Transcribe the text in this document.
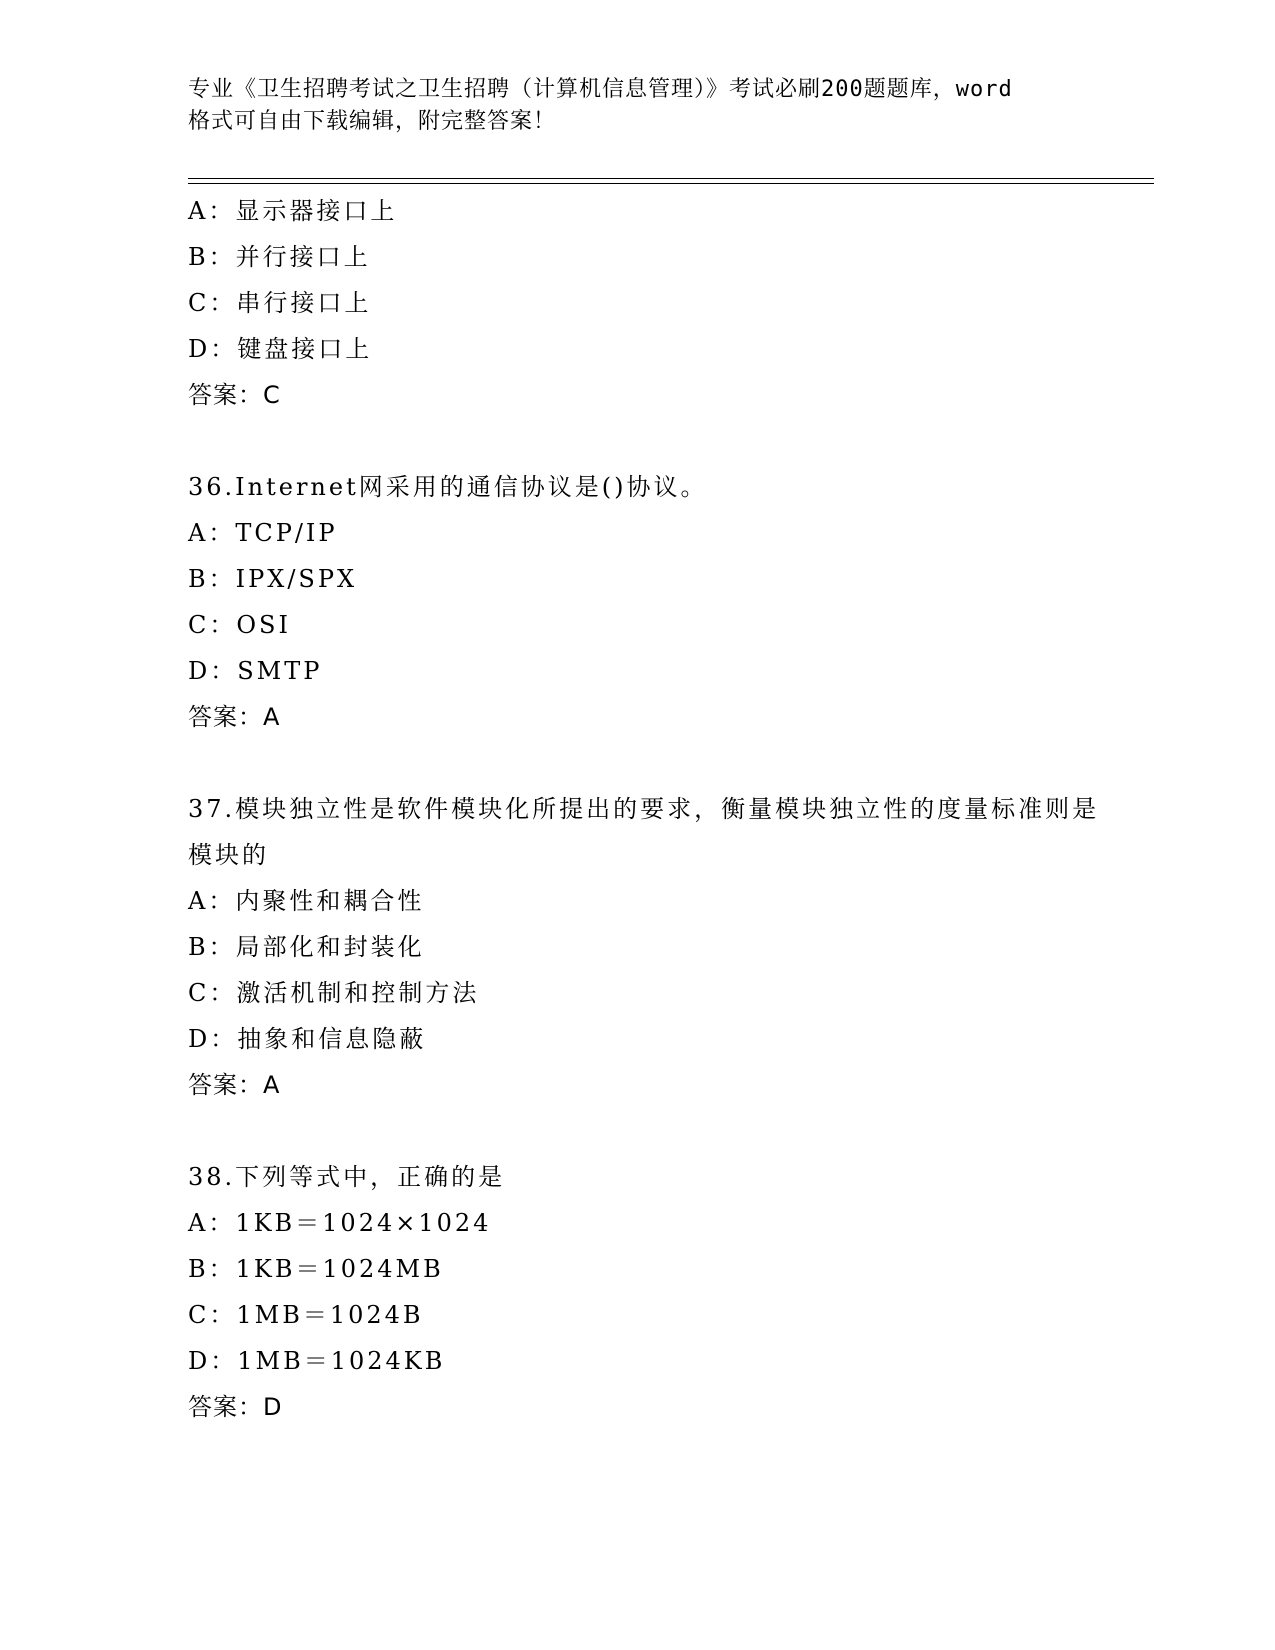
专业《卫生招聘考试之卫生招聘（计算机信息管理）》考试必刷200题题库，word
格式可自由下载编辑，附完整答案！
A：显示器接口上
B：并行接口上
C：串行接口上
D：键盘接口上
答案：C
36.Internet网采用的通信协议是()协议。
A：TCP/IP
B：IPX/SPX
C：OSI
D：SMTP
答案：A
37.模块独立性是软件模块化所提出的要求，衡量模块独立性的度量标准则是模块的
A：内聚性和耦合性
B：局部化和封装化
C：激活机制和控制方法
D：抽象和信息隐蔽
答案：A
38.下列等式中，正确的是
A：1KB＝1024×1024
B：1KB＝1024MB
C：1MB＝1024B
D：1MB＝1024KB
答案：D
